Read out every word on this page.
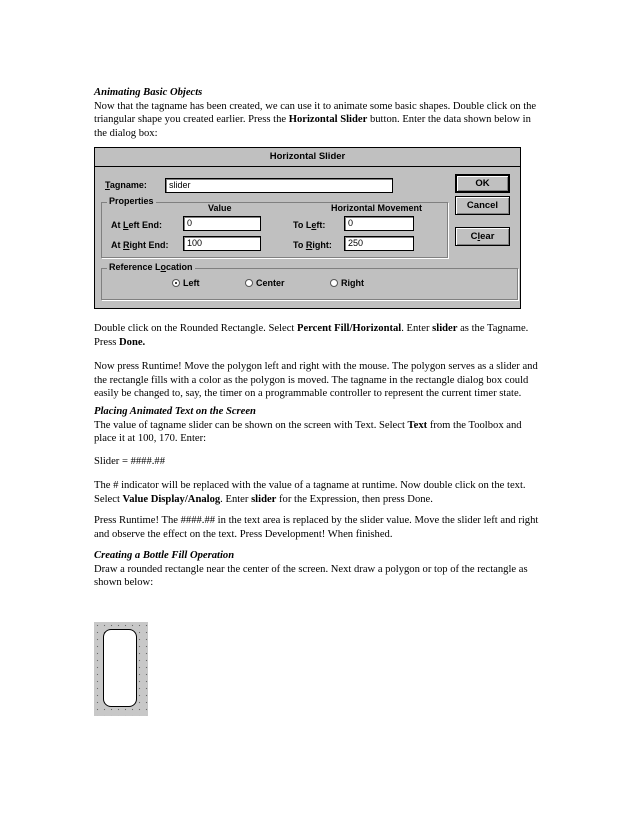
Animating Basic Objects
Now that the tagname has been created, we can use it to animate some basic shapes. Double click on the triangular shape you created earlier. Press the Horizontal Slider button. Enter the data shown below in the dialog box:

Horizontal Slider
Tagname:	slider
Properties
Value	Horizontal Movement
At Left End:	0	To Left:	0
At Right End:	100	To Right:	250
Reference Location
Left	Center	Right
OK
Cancel
Clear

Double click on the Rounded Rectangle. Select Percent Fill/Horizontal. Enter slider as the Tagname. Press Done.

Now press Runtime! Move the polygon left and right with the mouse. The polygon serves as a slider and the rectangle fills with a color as the polygon is moved. The tagname in the rectangle dialog box could easily be changed to, say, the timer on a programmable controller to represent the current timer state.

Placing Animated Text on the Screen
The value of tagname slider can be shown on the screen with Text. Select Text from the Toolbox and place it at 100, 170. Enter:

Slider = ####.##

The # indicator will be replaced with the value of a tagname at runtime. Now double click on the text. Select Value Display/Analog. Enter slider for the Expression, then press Done.

Press Runtime! The ####.## in the text area is replaced by the slider value. Move the slider left and right and observe the effect on the text. Press Development! When finished.

Creating a Bottle Fill Operation
Draw a rounded rectangle near the center of the screen. Next draw a polygon or top of the rectangle as shown below:
